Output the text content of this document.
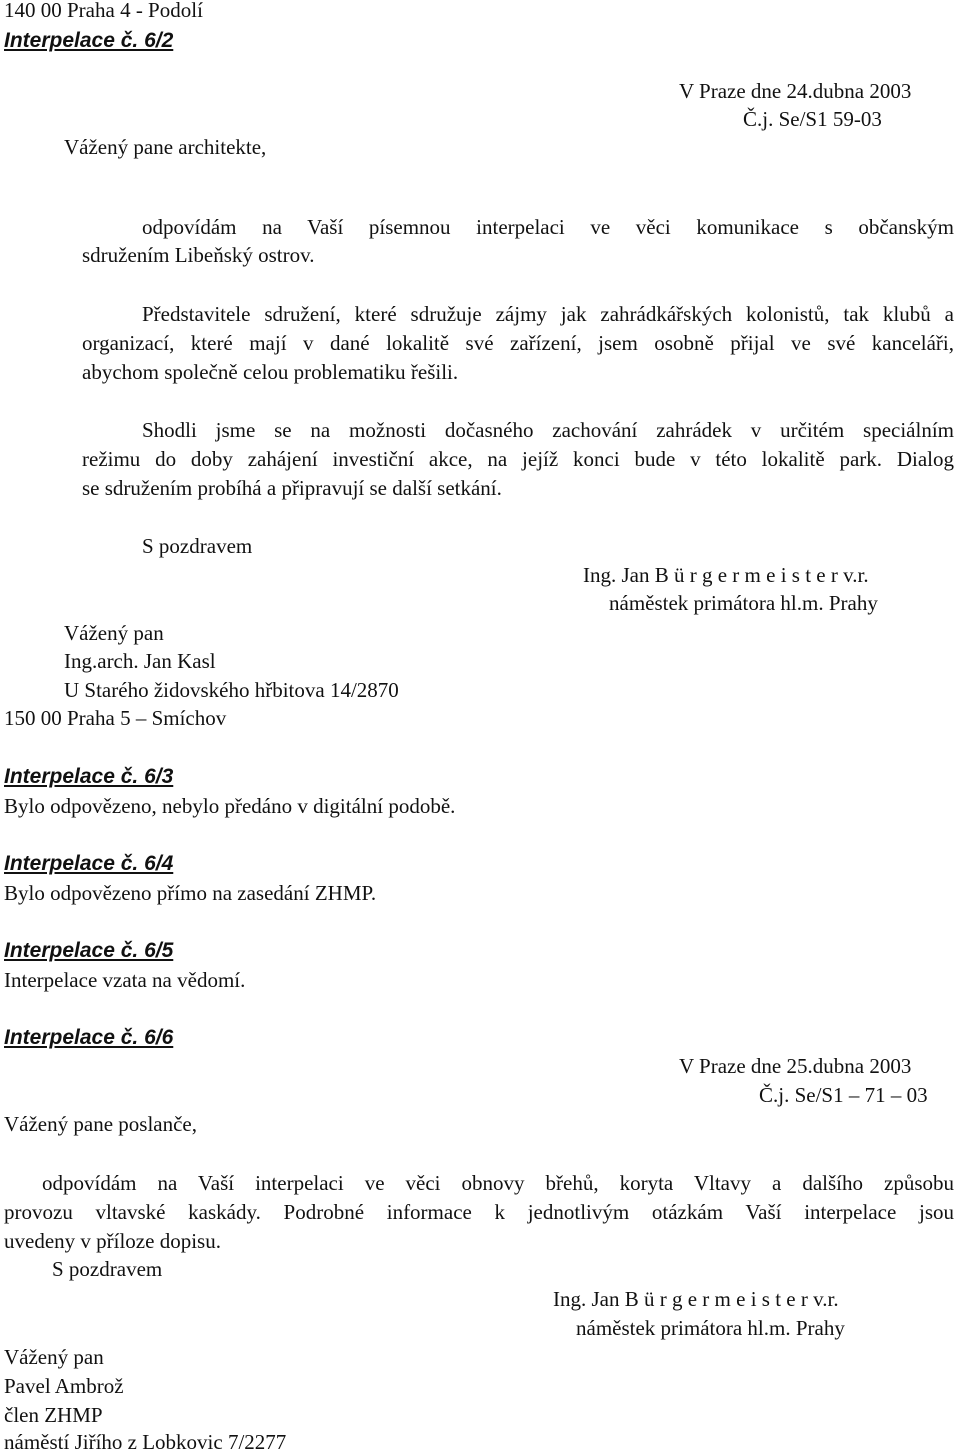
140 00 Praha 4 - Podolí
Interpelace č. 6/2
V Praze dne 24.dubna 2003
Č.j. Se/S1 59-03
Vážený pane architekte,
odpovídám na Vaší písemnou interpelaci ve věci komunikace s občanským
sdružením Libeňský ostrov.
Představitele sdružení, které sdružuje zájmy jak zahrádkářských kolonistů, tak klubů a
organizací, které mají v dané lokalitě své zařízení, jsem osobně přijal ve své kanceláři,
abychom společně celou problematiku řešili.
Shodli jsme se na možnosti dočasného zachování zahrádek v určitém speciálním
režimu do doby zahájení investiční akce, na jejíž konci bude v této lokalitě park. Dialog
se sdružením probíhá a připravují se další setkání.
S pozdravem
Ing. Jan B ü r g e r m e i s t e r v.r.
náměstek primátora hl.m. Prahy
Vážený pan
Ing.arch. Jan Kasl
U Starého židovského hřbitova 14/2870
150 00 Praha 5 – Smíchov
Interpelace č. 6/3
Bylo odpovězeno, nebylo předáno v digitální podobě.
Interpelace č. 6/4
Bylo odpovězeno přímo na zasedání ZHMP.
Interpelace č. 6/5
Interpelace vzata na vědomí.
Interpelace č. 6/6
V Praze dne 25.dubna 2003
Č.j. Se/S1 – 71 – 03
Vážený pane poslanče,
odpovídám na Vaší interpelaci ve věci obnovy břehů, koryta Vltavy a dalšího způsobu
provozu vltavské kaskády. Podrobné informace k jednotlivým otázkám Vaší interpelace jsou
uvedeny v příloze dopisu.
S pozdravem
Ing. Jan B ü r g e r m e i s t e r v.r.
náměstek primátora hl.m. Prahy
Vážený pan
Pavel Ambrož
člen ZHMP
náměstí Jiřího z Lobkovic 7/2277
